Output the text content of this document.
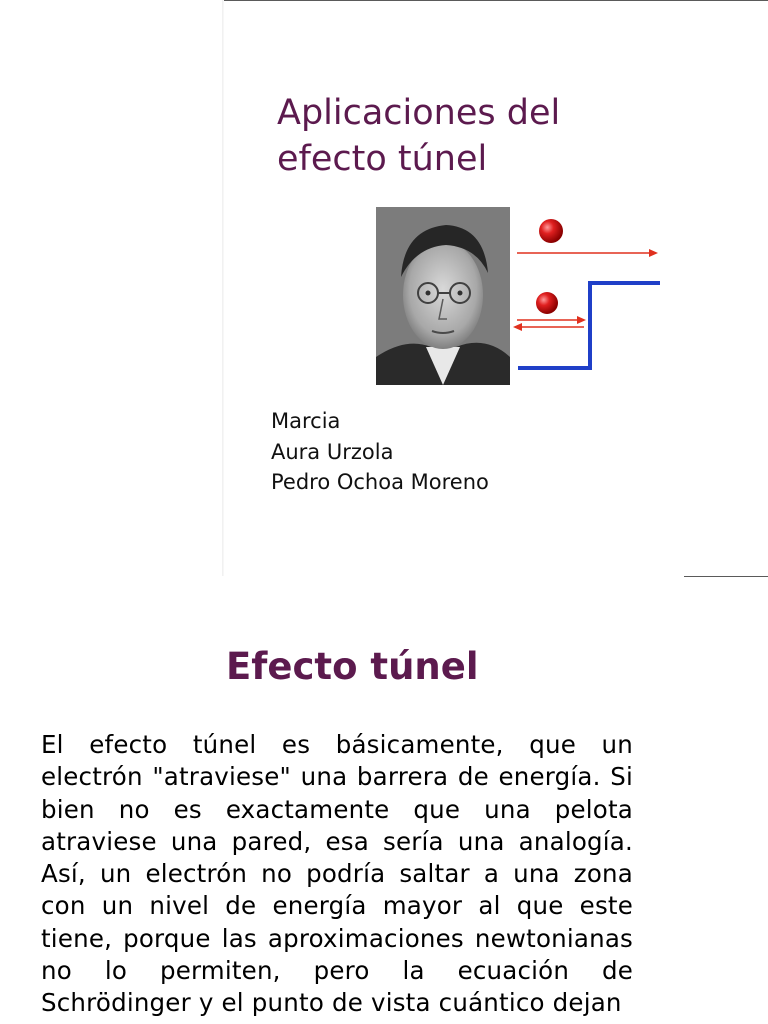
Aplicaciones del
efecto túnel
Marcia
Aura Urzola
Pedro Ochoa Moreno
Efecto túnel

El efecto túnel es básicamente, que un electrón "atraviese" una barrera de energía. Si bien no es exactamente que una pelota atraviese una pared, esa sería una analogía. Así, un electrón no podría saltar a una zona con un nivel de energía mayor al que este tiene, porque las aproximaciones newtonianas no lo permiten, pero la ecuación de Schrödinger y el punto de vista cuántico dejan
